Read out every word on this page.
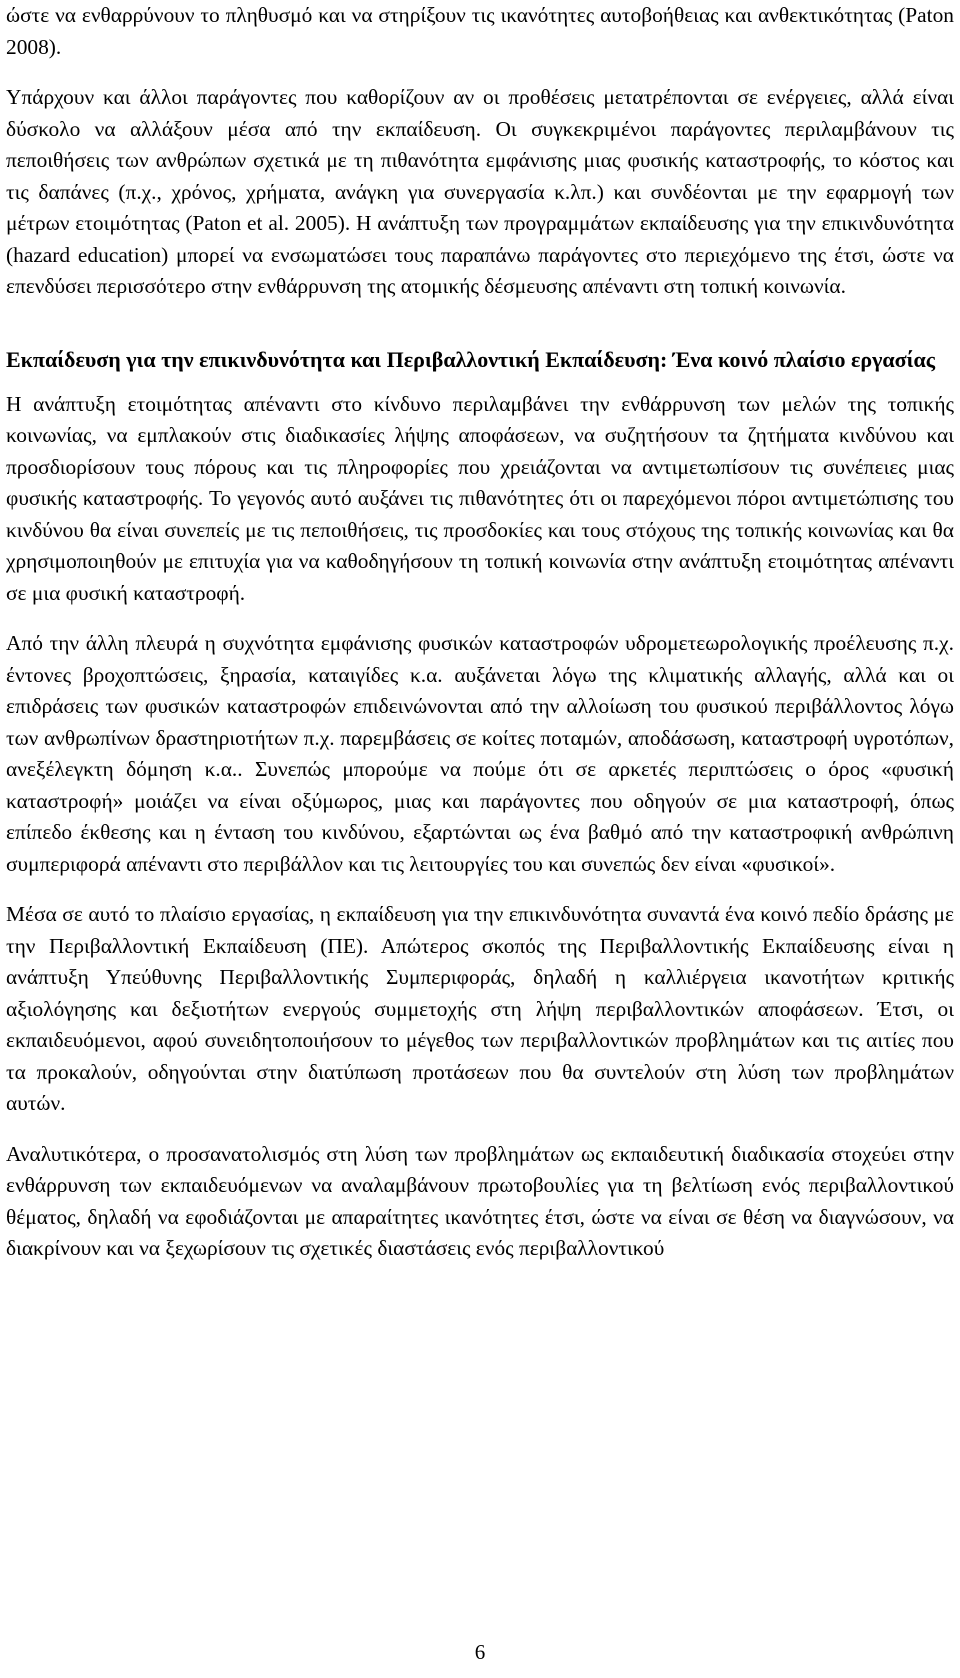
ώστε να ενθαρρύνουν το πληθυσμό και να στηρίξουν τις ικανότητες αυτοβοήθειας και ανθεκτικότητας (Paton 2008).

Υπάρχουν και άλλοι παράγοντες που καθορίζουν αν οι προθέσεις μετατρέπονται σε ενέργειες, αλλά είναι δύσκολο να αλλάξουν μέσα από την εκπαίδευση. Οι συγκεκριμένοι παράγοντες περιλαμβάνουν τις πεποιθήσεις των ανθρώπων σχετικά με τη πιθανότητα εμφάνισης μιας φυσικής καταστροφής, το κόστος και τις δαπάνες (π.χ., χρόνος, χρήματα, ανάγκη για συνεργασία κ.λπ.) και συνδέονται με την εφαρμογή των μέτρων ετοιμότητας (Paton et al. 2005). Η ανάπτυξη των προγραμμάτων εκπαίδευσης για την επικινδυνότητα (hazard education) μπορεί να ενσωματώσει τους παραπάνω παράγοντες στο περιεχόμενο της έτσι, ώστε να επενδύσει περισσότερο στην ενθάρρυνση της ατομικής δέσμευσης απέναντι στη τοπική κοινωνία.

Εκπαίδευση για την επικινδυνότητα και Περιβαλλοντική Εκπαίδευση: Ένα κοινό πλαίσιο εργασίας

Η ανάπτυξη ετοιμότητας απέναντι στο κίνδυνο περιλαμβάνει την ενθάρρυνση των μελών της τοπικής κοινωνίας, να εμπλακούν στις διαδικασίες λήψης αποφάσεων, να συζητήσουν τα ζητήματα κινδύνου και προσδιορίσουν τους πόρους και τις πληροφορίες που χρειάζονται να αντιμετωπίσουν τις συνέπειες μιας φυσικής καταστροφής. Το γεγονός αυτό αυξάνει τις πιθανότητες ότι οι παρεχόμενοι πόροι αντιμετώπισης του κινδύνου θα είναι συνεπείς με τις πεποιθήσεις, τις προσδοκίες και τους στόχους της τοπικής κοινωνίας και θα χρησιμοποιηθούν με επιτυχία για να καθοδηγήσουν τη τοπική κοινωνία στην ανάπτυξη ετοιμότητας απέναντι σε μια φυσική καταστροφή.

Από την άλλη πλευρά η συχνότητα εμφάνισης φυσικών καταστροφών υδρομετεωρολογικής προέλευσης π.χ. έντονες βροχοπτώσεις, ξηρασία, καταιγίδες κ.α. αυξάνεται λόγω της κλιματικής αλλαγής, αλλά και οι επιδράσεις των φυσικών καταστροφών επιδεινώνονται από την αλλοίωση του φυσικού περιβάλλοντος λόγω των ανθρωπίνων δραστηριοτήτων π.χ. παρεμβάσεις σε κοίτες ποταμών, αποδάσωση, καταστροφή υγροτόπων, ανεξέλεγκτη δόμηση κ.α.. Συνεπώς μπορούμε να πούμε ότι σε αρκετές περιπτώσεις ο όρος «φυσική καταστροφή» μοιάζει να είναι οξύμωρος, μιας και παράγοντες που οδηγούν σε μια καταστροφή, όπως επίπεδο έκθεσης και η ένταση του κινδύνου, εξαρτώνται ως ένα βαθμό από την καταστροφική ανθρώπινη συμπεριφορά απέναντι στο περιβάλλον και τις λειτουργίες του και συνεπώς δεν είναι «φυσικοί».

Μέσα σε αυτό το πλαίσιο εργασίας, η εκπαίδευση για την επικινδυνότητα συναντά ένα κοινό πεδίο δράσης με την Περιβαλλοντική Εκπαίδευση (ΠΕ). Απώτερος σκοπός της Περιβαλλοντικής Εκπαίδευσης είναι η ανάπτυξη Υπεύθυνης Περιβαλλοντικής Συμπεριφοράς, δηλαδή η καλλιέργεια ικανοτήτων κριτικής αξιολόγησης και δεξιοτήτων ενεργούς συμμετοχής στη λήψη περιβαλλοντικών αποφάσεων. Έτσι, οι εκπαιδευόμενοι, αφού συνειδητοποιήσουν το μέγεθος των περιβαλλοντικών προβλημάτων και τις αιτίες που τα προκαλούν, οδηγούνται στην διατύπωση προτάσεων που θα συντελούν στη λύση των προβλημάτων αυτών.

Αναλυτικότερα, ο προσανατολισμός στη λύση των προβλημάτων ως εκπαιδευτική διαδικασία στοχεύει στην ενθάρρυνση των εκπαιδευόμενων να αναλαμβάνουν πρωτοβουλίες για τη βελτίωση ενός περιβαλλοντικού θέματος, δηλαδή να εφοδιάζονται με απαραίτητες ικανότητες έτσι, ώστε να είναι σε θέση να διαγνώσουν, να διακρίνουν και να ξεχωρίσουν τις σχετικές διαστάσεις ενός περιβαλλοντικού

6
